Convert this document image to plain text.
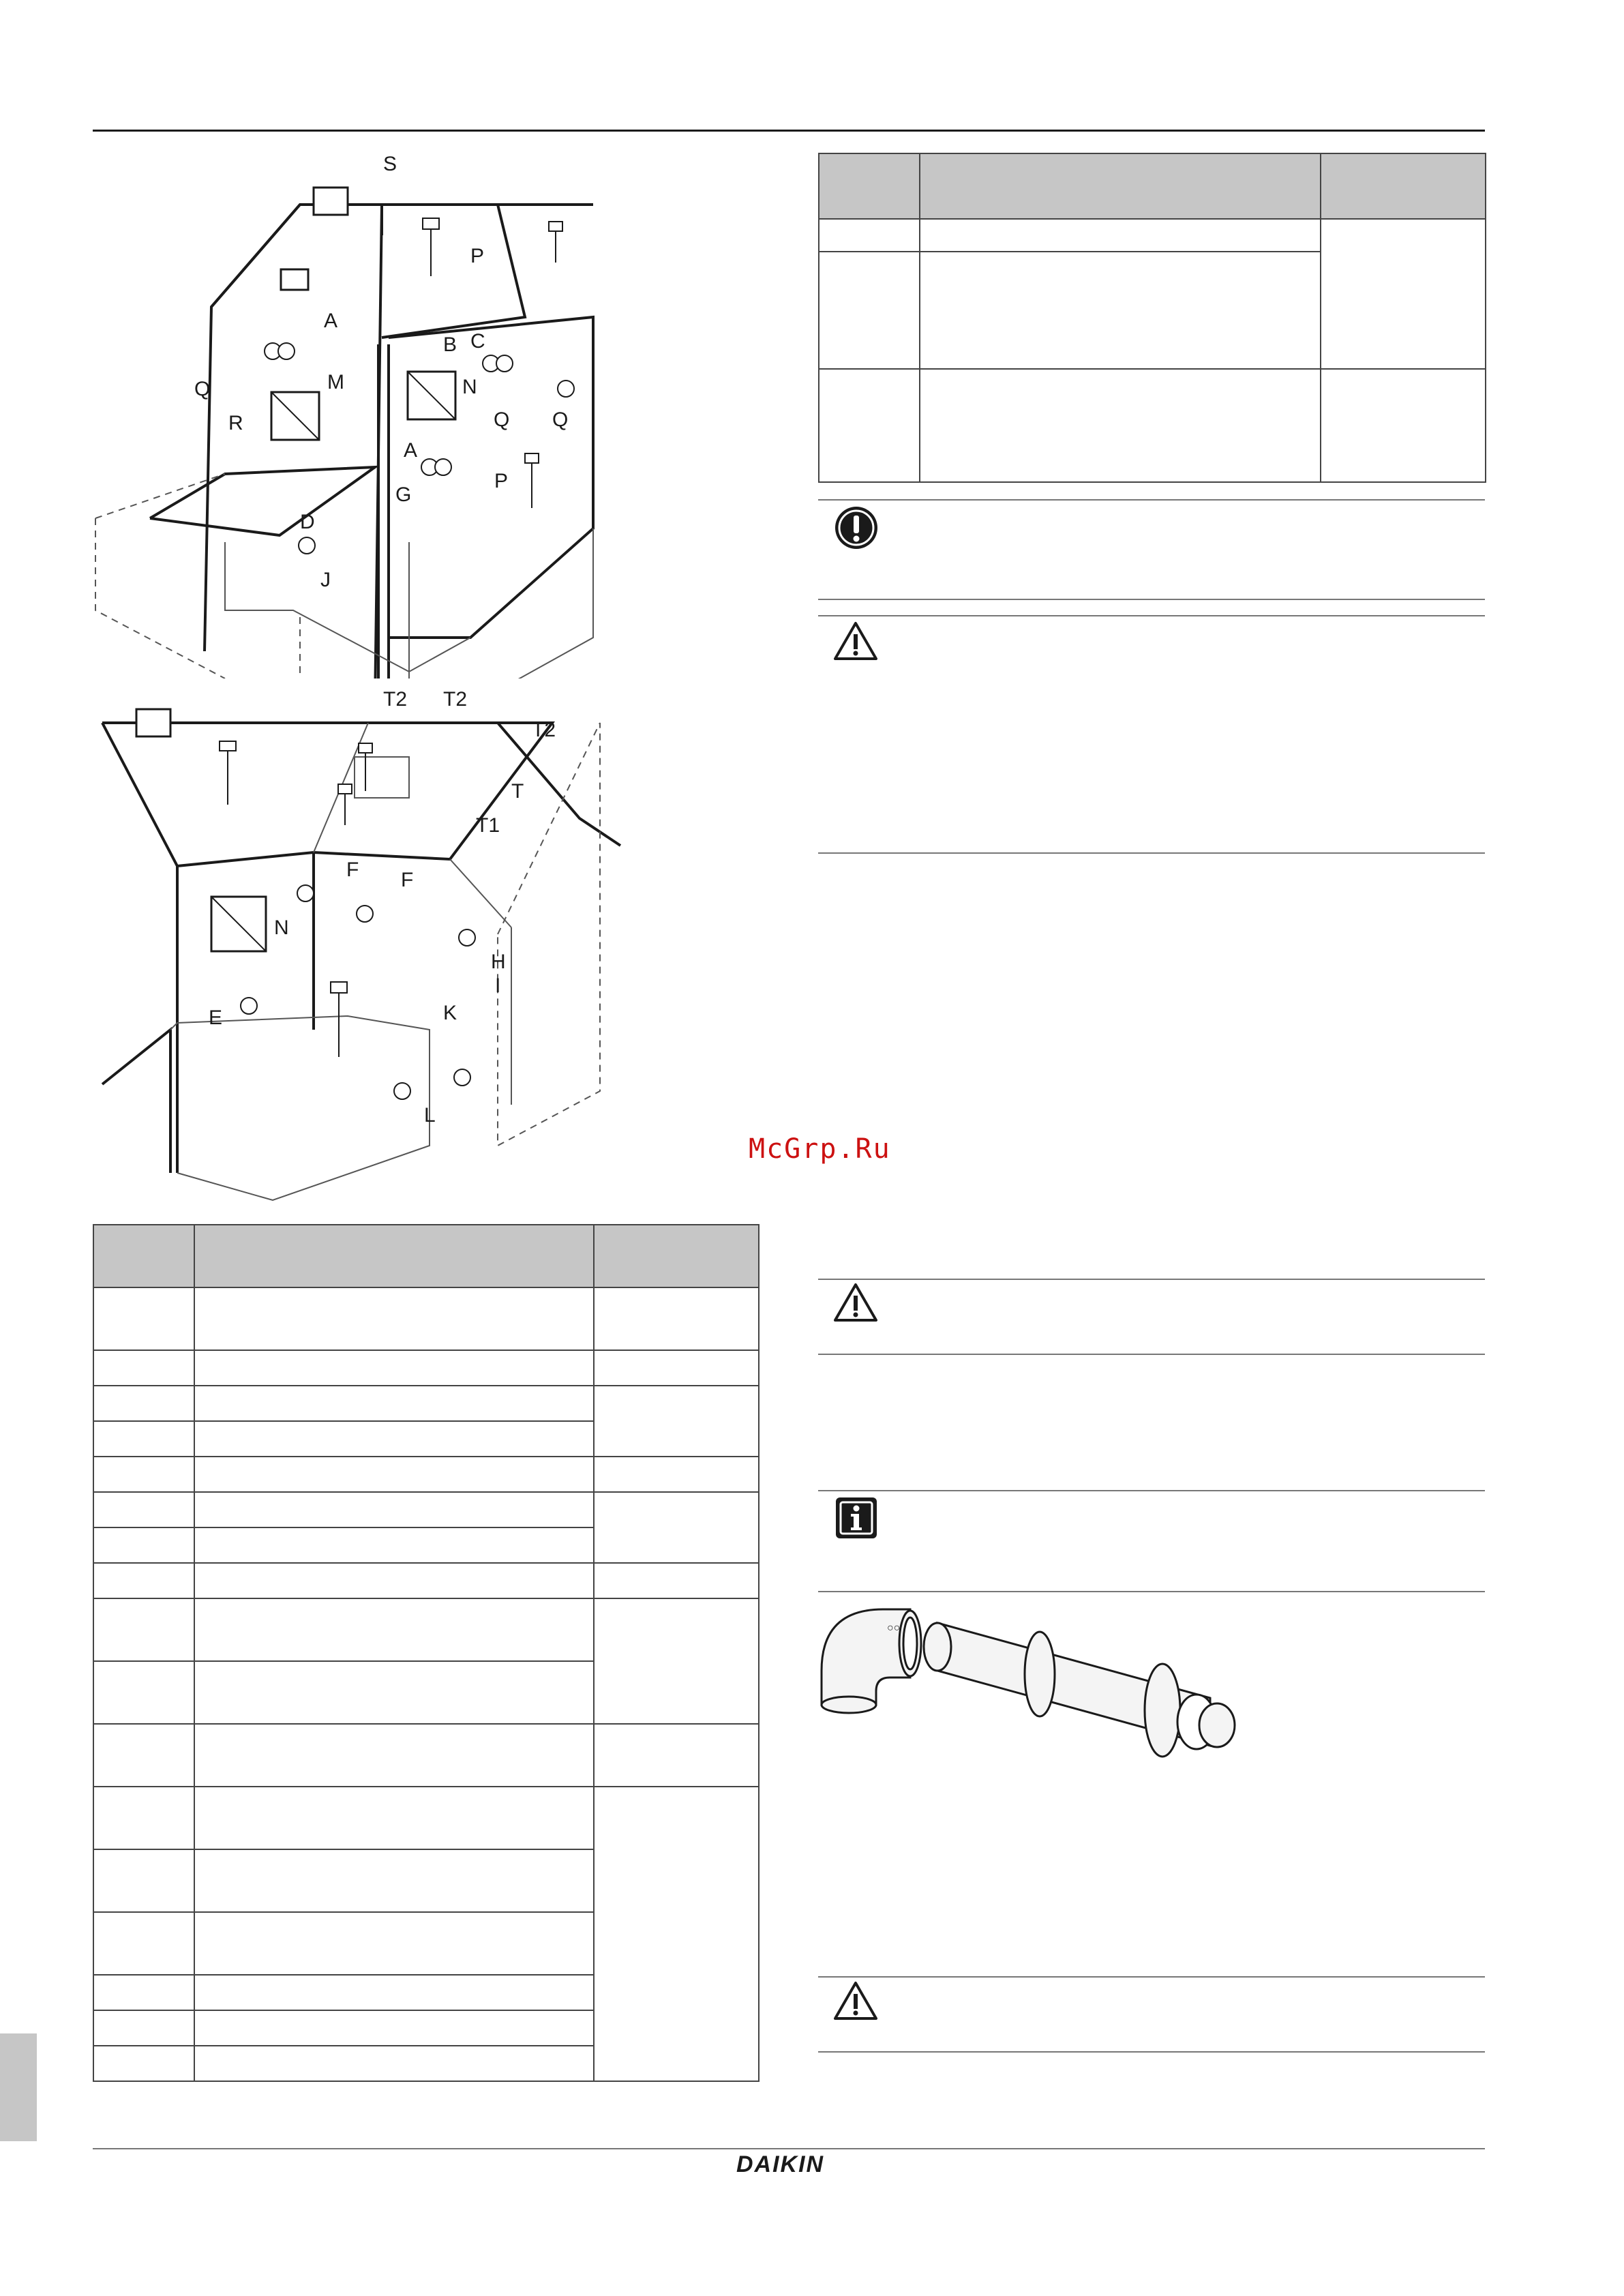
S
P
A
B C
N
Q	M
R	Q Q
A
P
G
D
J
T2 T2
T2
T
T1
F F
N
H
I
K
E
L

McGrp.Ru
○○

DAIKIN
